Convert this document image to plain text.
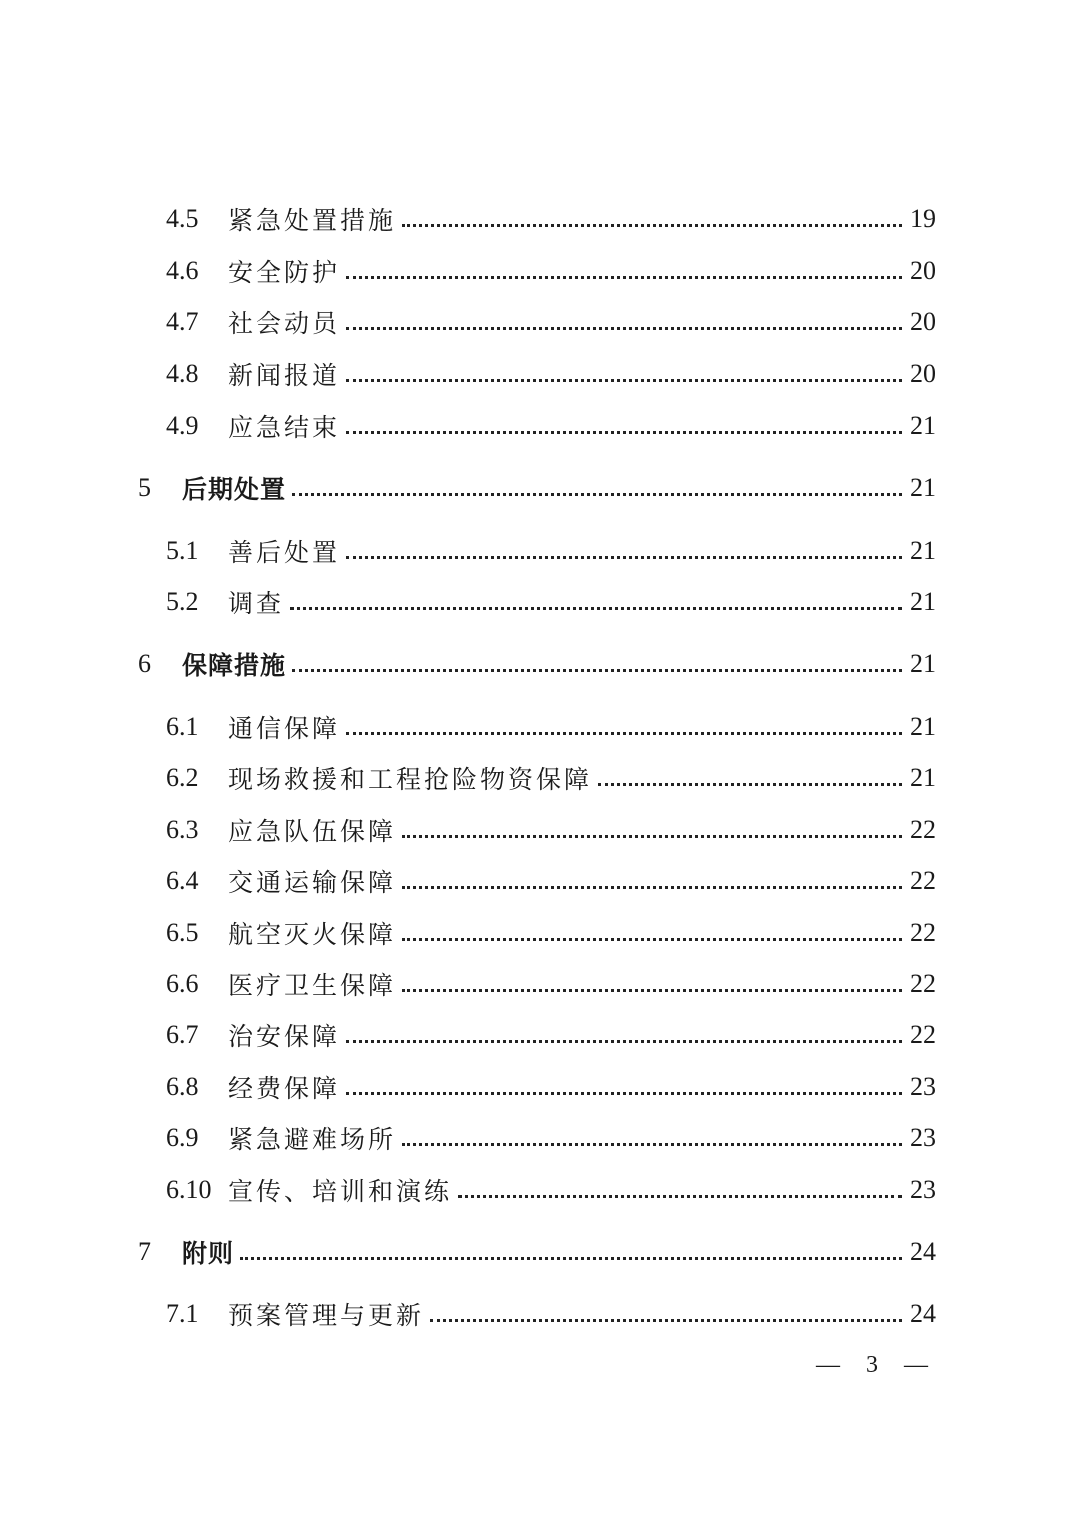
4.5 紧急处置措施	19
4.6 安全防护	20
4.7 社会动员	20
4.8 新闻报道	20
4.9 应急结束	21
5 后期处置	21
5.1 善后处置	21
5.2 调查	21
6 保障措施	21
6.1 通信保障	21
6.2 现场救援和工程抢险物资保障	21
6.3 应急队伍保障	22
6.4 交通运输保障	22
6.5 航空灭火保障	22
6.6 医疗卫生保障	22
6.7 治安保障	22
6.8 经费保障	23
6.9 紧急避难场所	23
6.10 宣传、培训和演练	23
7 附则	24
7.1 预案管理与更新	24
— 3 —
